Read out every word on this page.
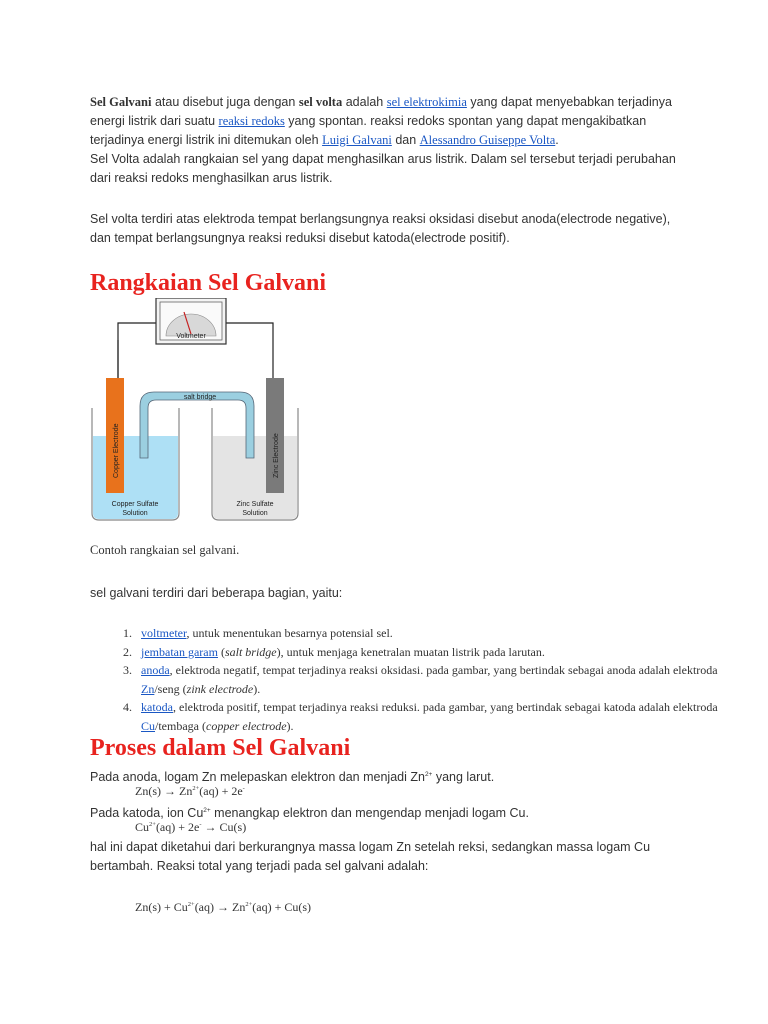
Sel Galvani atau disebut juga dengan sel volta adalah sel elektrokimia yang dapat menyebabkan terjadinya energi listrik dari suatu reaksi redoks yang spontan. reaksi redoks spontan yang dapat mengakibatkan terjadinya energi listrik ini ditemukan oleh Luigi Galvani dan Alessandro Guiseppe Volta.
Sel Volta adalah rangkaian sel yang dapat menghasilkan arus listrik. Dalam sel tersebut terjadi perubahan dari reaksi redoks menghasilkan arus listrik.
Sel volta terdiri atas elektroda tempat berlangsungnya reaksi oksidasi disebut anoda(electrode negative), dan tempat berlangsungnya reaksi reduksi disebut katoda(electrode positif).
Rangkaian Sel Galvani
Voltmeter
salt bridge
Copper Electrode	Zinc Electrode
Copper Sulfate
Solution
Zinc Sulfate
Solution
Contoh rangkaian sel galvani.
sel galvani terdiri dari beberapa bagian, yaitu:
1. voltmeter, untuk menentukan besarnya potensial sel.
2. jembatan garam (salt bridge), untuk menjaga kenetralan muatan listrik pada larutan.
3. anoda, elektroda negatif, tempat terjadinya reaksi oksidasi. pada gambar, yang bertindak sebagai anoda adalah elektroda Zn/seng (zink electrode).
4. katoda, elektroda positif, tempat terjadinya reaksi reduksi. pada gambar, yang bertindak sebagai katoda adalah elektroda Cu/tembaga (copper electrode).
Proses dalam Sel Galvani
Pada anoda, logam Zn melepaskan elektron dan menjadi $Zn^{2+}$ yang larut.
$Zn(s) \to Zn^{2+}(aq) + 2e^-$
Pada katoda, ion $Cu^{2+}$ menangkap elektron dan mengendap menjadi logam Cu.
$Cu^{2+}(aq) + 2e^- \to Cu(s)$
hal ini dapat diketahui dari berkurangnya massa logam Zn setelah reksi, sedangkan massa logam Cu bertambah. Reaksi total yang terjadi pada sel galvani adalah:
$Zn(s) + Cu^{2+}(aq) \to Zn^{2+}(aq) + Cu(s)$
